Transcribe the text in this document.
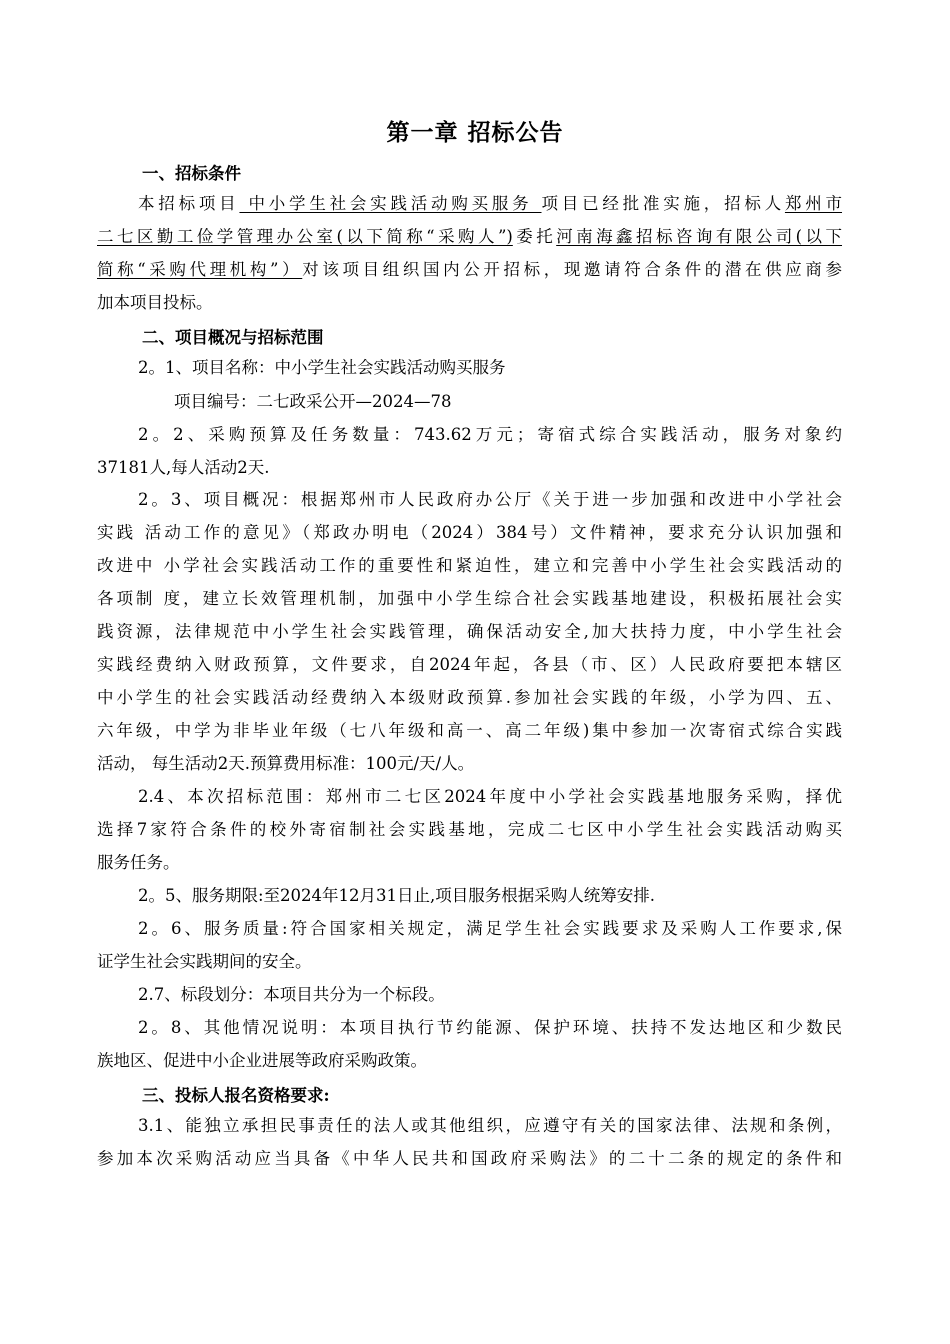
第一章 招标公告
一、招标条件
本招标项目 中小学生社会实践活动购买服务 项目已经批准实施，招标人郑州市
二七区勤工俭学管理办公室(以下简称“采购人”)委托河南海鑫招标咨询有限公司(以下
简称“采购代理机构”）对该项目组织国内公开招标，现邀请符合条件的潜在供应商参
加本项目投标。
二、项目概况与招标范围
2。1、项目名称：中小学生社会实践活动购买服务
项目编号：二七政采公开—2024—78
2。2、采购预算及任务数量：743.62万元；寄宿式综合实践活动，服务对象约
37181人,每人活动2天.
2。3、项目概况：根据郑州市人民政府办公厅《关于进一步加强和改进中小学社会
实践 活动工作的意见》（郑政办明电（2024）384号）文件精神，要求充分认识加强和
改进中 小学社会实践活动工作的重要性和紧迫性，建立和完善中小学生社会实践活动的
各项制 度，建立长效管理机制，加强中小学生综合社会实践基地建设，积极拓展社会实
践资源，法律规范中小学生社会实践管理，确保活动安全,加大扶持力度，中小学生社会
实践经费纳入财政预算，文件要求，自2024年起，各县（市、区）人民政府要把本辖区
中小学生的社会实践活动经费纳入本级财政预算.参加社会实践的年级，小学为四、五、
六年级，中学为非毕业年级（七八年级和高一、高二年级)集中参加一次寄宿式综合实践
活动， 每生活动2天.预算费用标准：100元/天/人。
2.4、本次招标范围：郑州市二七区2024年度中小学社会实践基地服务采购，择优
选择7家符合条件的校外寄宿制社会实践基地，完成二七区中小学生社会实践活动购买
服务任务。
2。5、服务期限:至2024年12月31日止,项目服务根据采购人统筹安排.
2。6、服务质量:符合国家相关规定，满足学生社会实践要求及采购人工作要求,保
证学生社会实践期间的安全。
2.7、标段划分：本项目共分为一个标段。
2。8、其他情况说明：本项目执行节约能源、保护环境、扶持不发达地区和少数民
族地区、促进中小企业进展等政府采购政策。
三、投标人报名资格要求:
3.1、能独立承担民事责任的法人或其他组织，应遵守有关的国家法律、法规和条例，
参加本次采购活动应当具备《中华人民共和国政府采购法》的二十二条的规定的条件和
